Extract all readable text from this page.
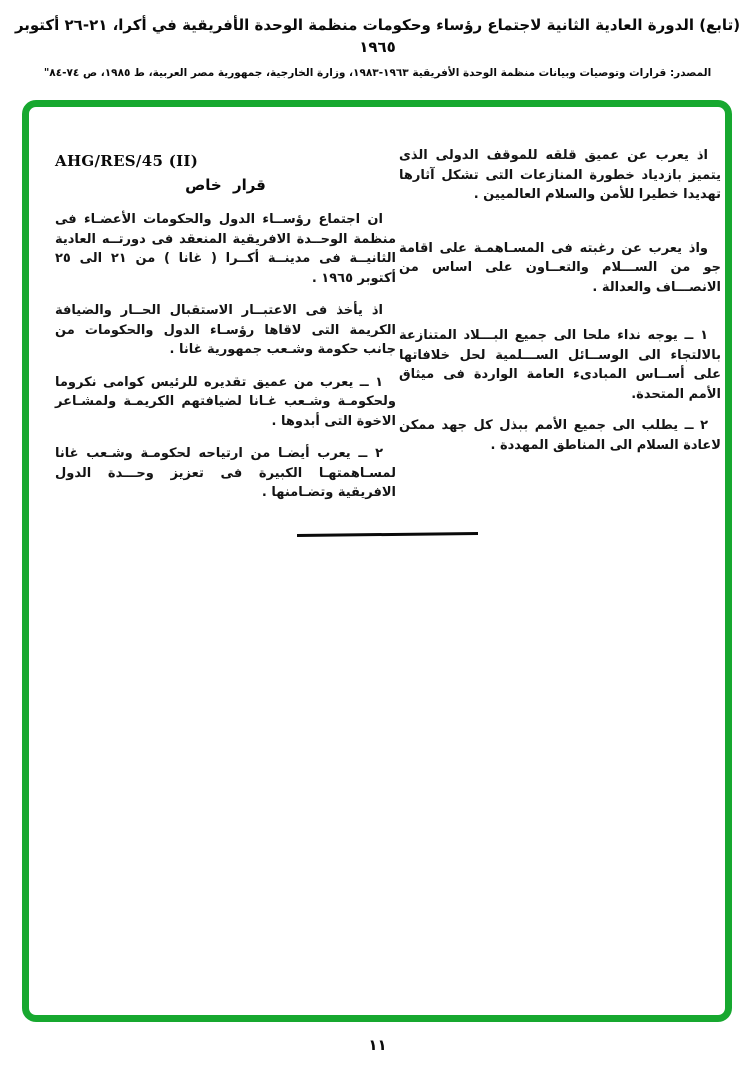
(تابع) الدورة العادية الثانية لاجتماع رؤساء وحكومات منظمة الوحدة الأفريقية في أكرا، ٢١-٢٦ أكتوبر ١٩٦٥
المصدر: قرارات وتوصيات وبيانات منظمة الوحدة الأفريقية ١٩٦٣-١٩٨٣، وزارة الخارجية، جمهورية مصر العربية، ط ١٩٨٥، ص ٧٤-٨٤"
AHG/RES/45 (II)
قرار خاص

ان اجتماع رؤســاء الدول والحكومات الأعضـاء فى منظمة الوحــدة الافريقية المنعقد فى دورتــه العادية الثانيــة فى مدينــة أكــرا ( غانا ) من ٢١ الى ٢٥ أكتوبر ١٩٦٥ .

اذ يأخذ فى الاعتبــار الاستقبال الحــار والضيافة الكريمة التى لاقاها رؤسـاء الدول والحكومات من جانب حكومة وشـعب جمهورية غانا .

١ ــ يعرب من عميق تقديره للرئيس كوامى نكروما ولحكومـة وشـعب غـانا لضيافتهم الكريمـة ولمشـاعر الاخوة التى أبدوها .

٢ ــ يعرب أيضـا من ارتياحه لحكومـة وشـعب غانا لمسـاهمتهـا الكبيرة فى تعزيز وحـــدة الدول الافريقية وتضـامنها .

اذ يعرب عن عميق قلقه للموقف الدولى الذى يتميز بازدياد خطورة المنازعات التى تشكل آثارها تهديدا خطيرا للأمن والسلام العالميين .

واذ يعرب عن رغبته فى المسـاهمـة على اقامة جو من الســـلام والتعــاون على اساس من الانصـــاف والعدالة .

١ ــ يوجه نداء ملحا الى جميع البـــلاد المتنازعة بالالتجاء الى الوســائل الســـلمية لحل خلافاتها على أســاس المبادىء العامة الواردة فى ميثاق الأمم المتحدة.

٢ ــ يطلب الى جميع الأمم ببذل كل جهد ممكن لاعادة السلام الى المناطق المهددة .

١١
